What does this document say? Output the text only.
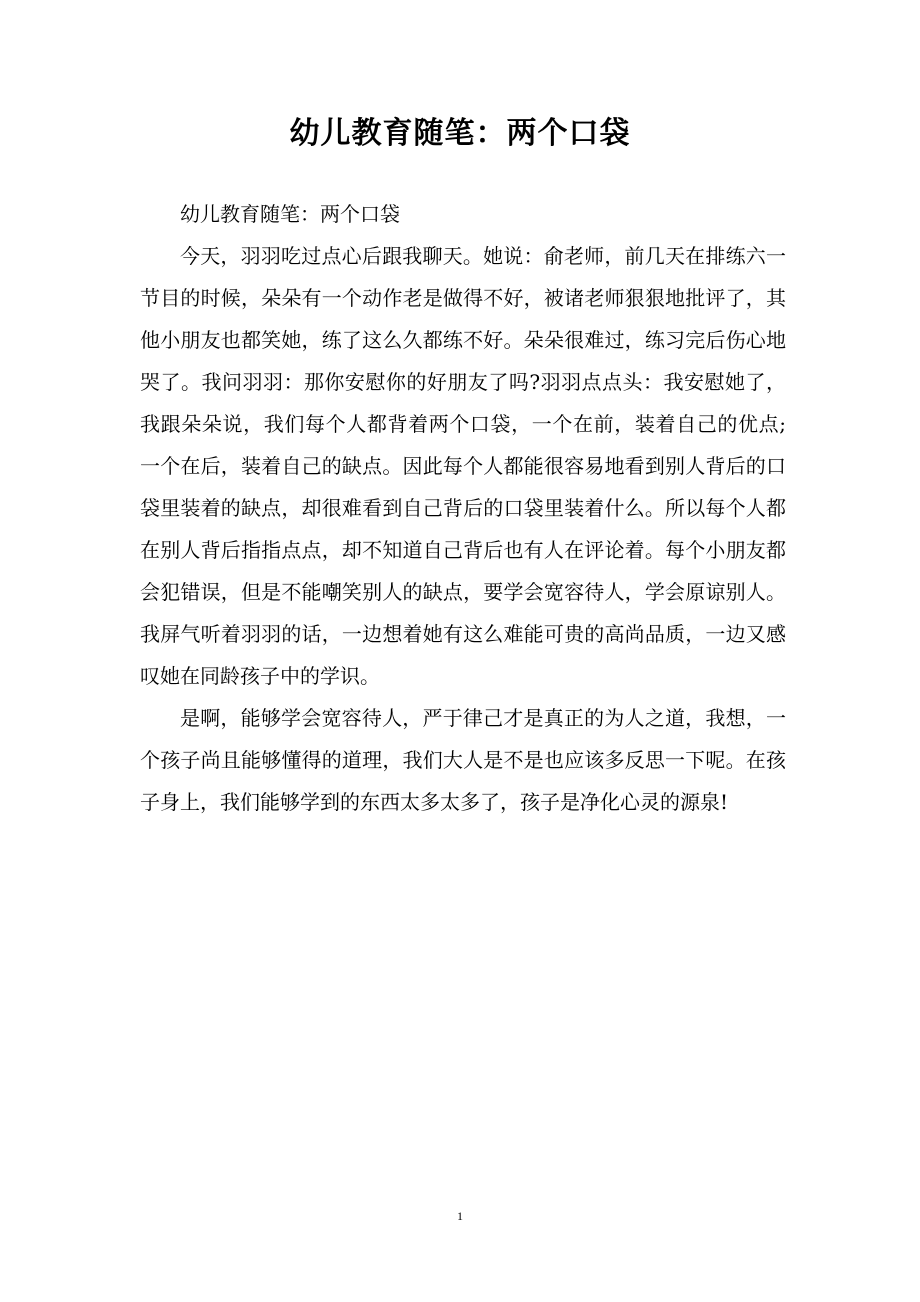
幼儿教育随笔：两个口袋

幼儿教育随笔：两个口袋

今天，羽羽吃过点心后跟我聊天。她说：俞老师，前几天在排练六一节目的时候，朵朵有一个动作老是做得不好，被诸老师狠狠地批评了，其他小朋友也都笑她，练了这么久都练不好。朵朵很难过，练习完后伤心地哭了。我问羽羽：那你安慰你的好朋友了吗?羽羽点点头：我安慰她了，我跟朵朵说，我们每个人都背着两个口袋，一个在前，装着自己的优点;一个在后，装着自己的缺点。因此每个人都能很容易地看到别人背后的口袋里装着的缺点，却很难看到自己背后的口袋里装着什么。所以每个人都在别人背后指指点点，却不知道自己背后也有人在评论着。每个小朋友都会犯错误，但是不能嘲笑别人的缺点，要学会宽容待人，学会原谅别人。我屏气听着羽羽的话，一边想着她有这么难能可贵的高尚品质，一边又感叹她在同龄孩子中的学识。

是啊，能够学会宽容待人，严于律己才是真正的为人之道，我想，一个孩子尚且能够懂得的道理，我们大人是不是也应该多反思一下呢。在孩子身上，我们能够学到的东西太多太多了，孩子是净化心灵的源泉!

1
